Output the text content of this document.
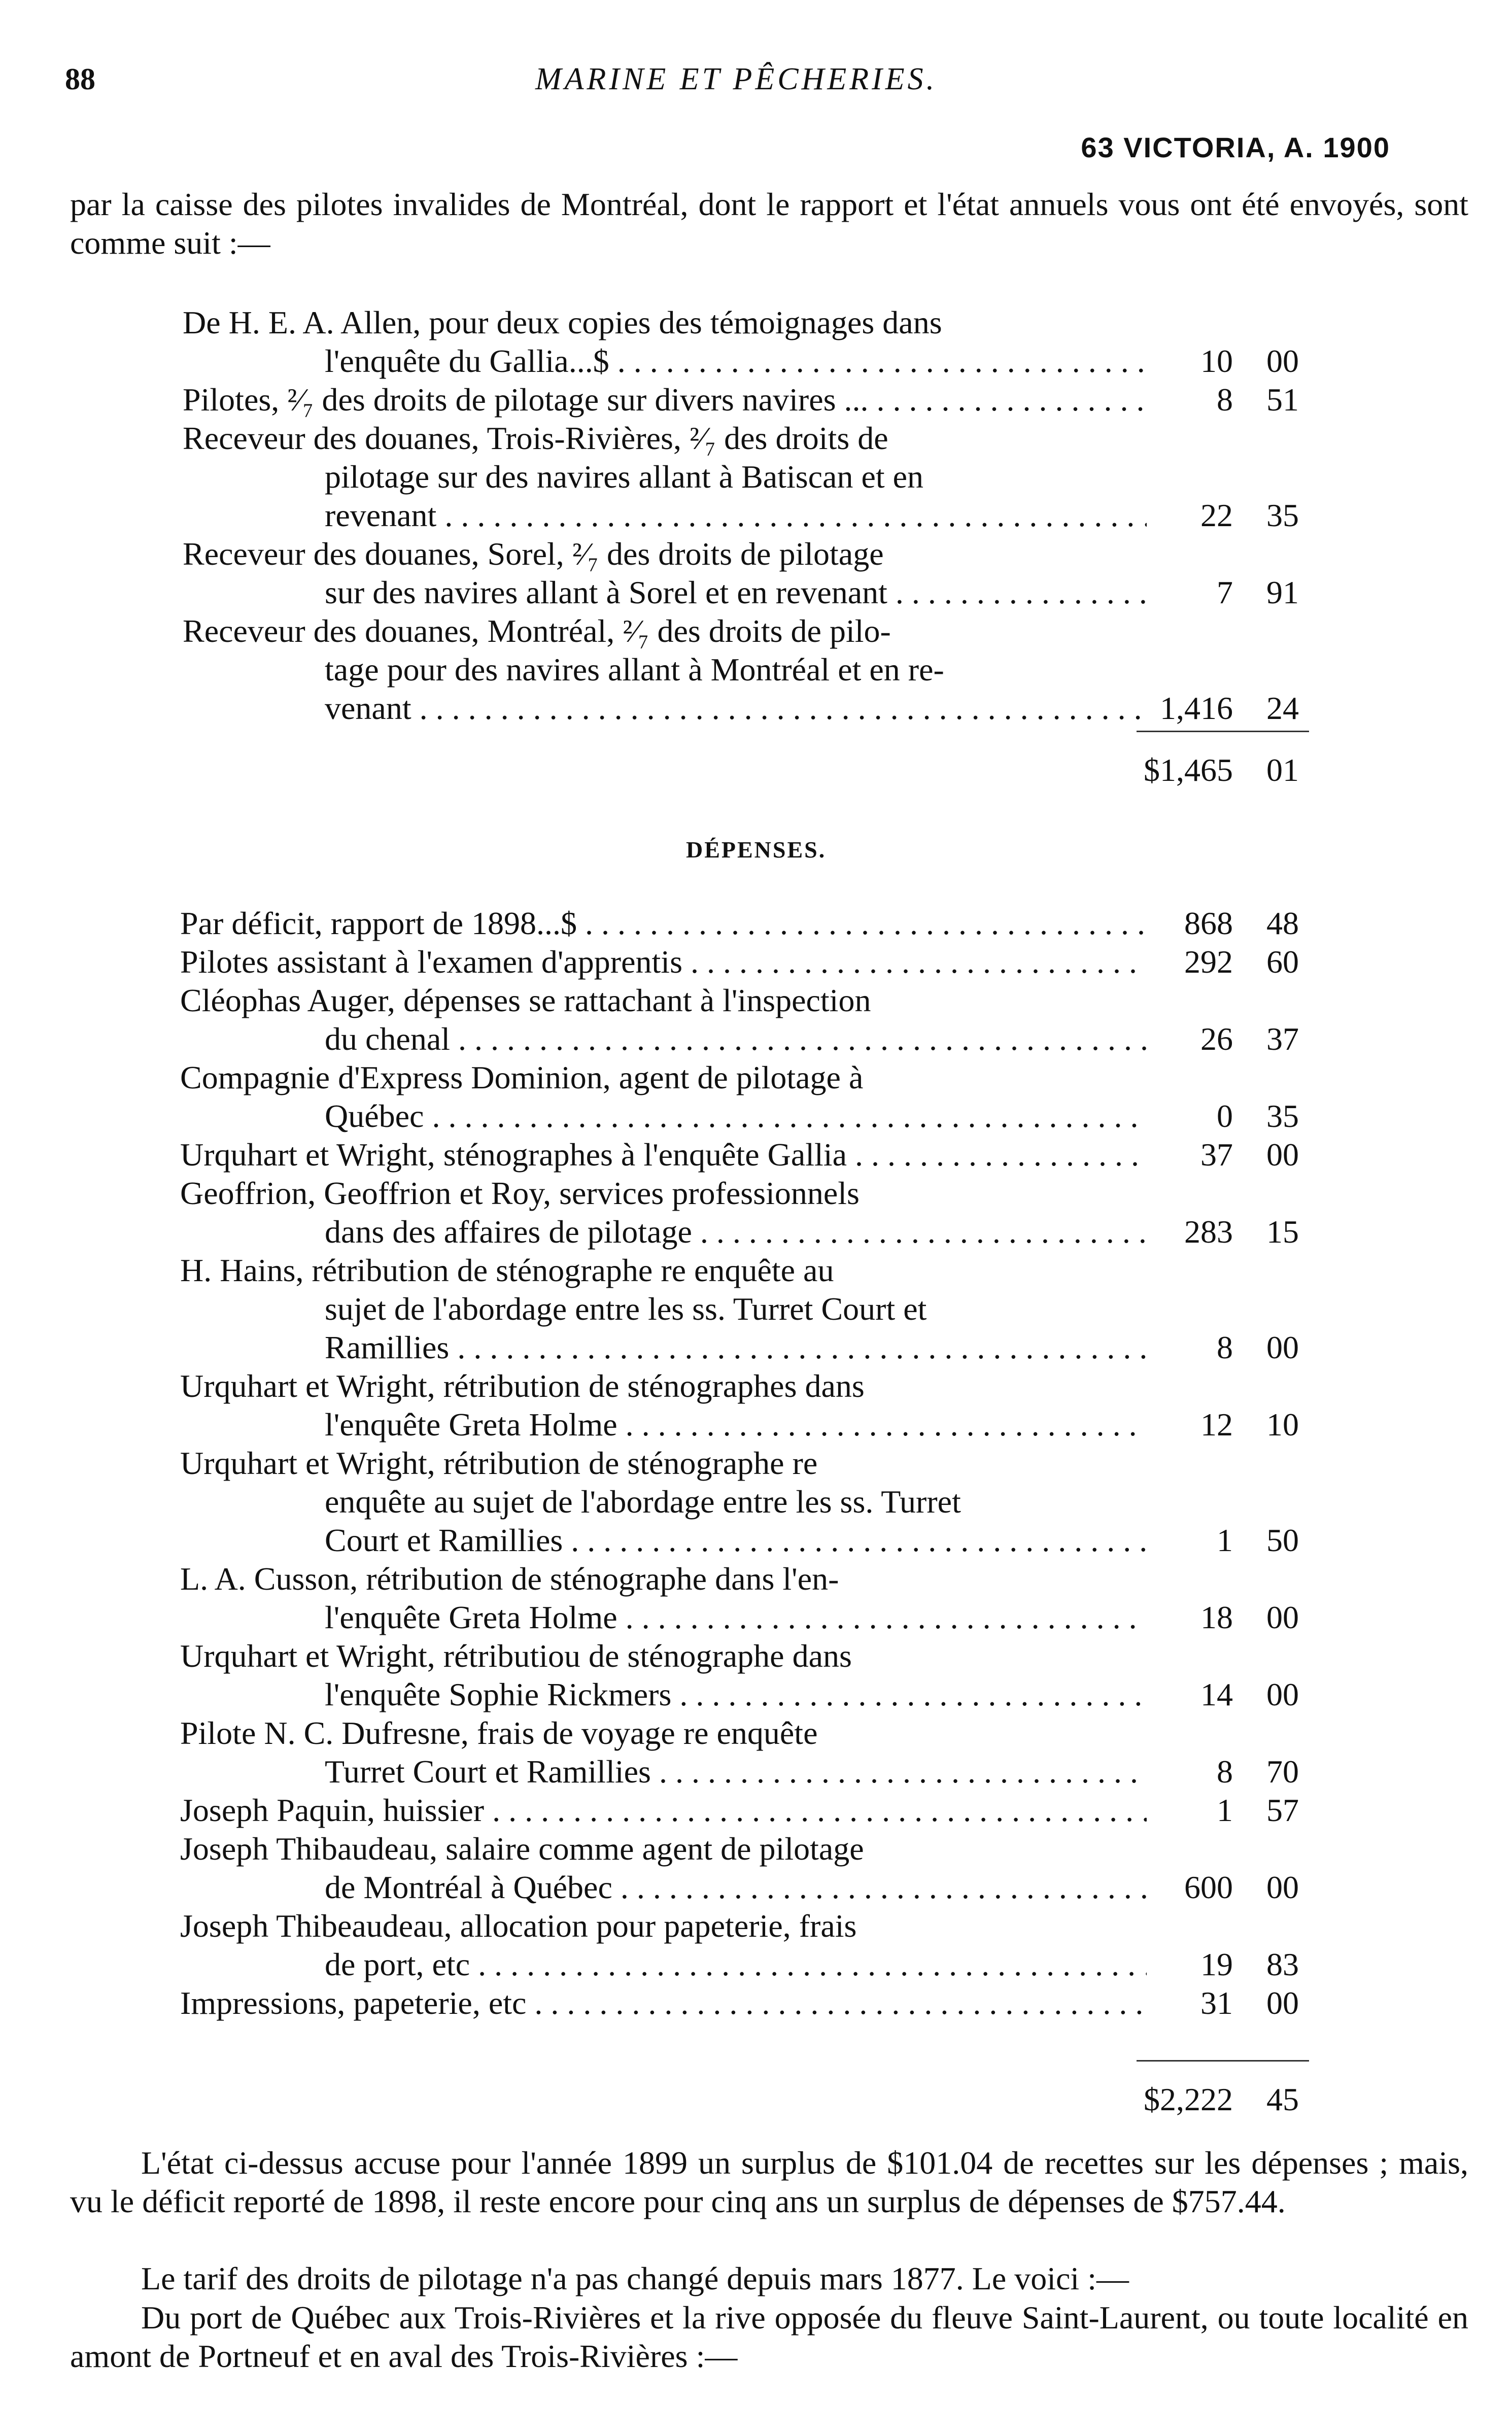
88	MARINE ET PÊCHERIES.
63 VICTORIA, A. 1900
par la caisse des pilotes invalides de Montréal, dont le rapport et l'état annuels vous ont été envoyés, sont comme suit :—
De H. E. A. Allen, pour deux copies des témoignages dans
l'enquête du Gallia...$ . . .	10 00
Pilotes, ²⁄₇ des droits de pilotage sur divers navires ... . . .	8 51
Receveur des douanes, Trois-Rivières, ²⁄₇ des droits de
pilotage sur des navires allant à Batiscan et en
revenant . . .	22 35
Receveur des douanes, Sorel, ²⁄₇ des droits de pilotage
sur des navires allant à Sorel et en revenant . . .	7 91
Receveur des douanes, Montréal, ²⁄₇ des droits de pilo-
tage pour des navires allant à Montréal et en re-
venant . . .	1,416 24
$1,465 01
DÉPENSES.
Par déficit, rapport de 1898...$ . . .	868 48
Pilotes assistant à l'examen d'apprentis . . .	292 60
Cléophas Auger, dépenses se rattachant à l'inspection
du chenal . . .	26 37
Compagnie d'Express Dominion, agent de pilotage à
Québec . . .	0 35
Urquhart et Wright, sténographes à l'enquête Gallia . . .	37 00
Geoffrion, Geoffrion et Roy, services professionnels
dans des affaires de pilotage . . .	283 15
H. Hains, rétribution de sténographe re enquête au
sujet de l'abordage entre les ss. Turret Court et
Ramillies . . .	8 00
Urquhart et Wright, rétribution de sténographes dans
l'enquête Greta Holme . . .	12 10
Urquhart et Wright, rétribution de sténographe re
enquête au sujet de l'abordage entre les ss. Turret
Court et Ramillies . . .	1 50
L. A. Cusson, rétribution de sténographe dans l'en-
l'enquête Greta Holme . . .	18 00
Urquhart et Wright, rétributiou de sténographe dans
l'enquête Sophie Rickmers . . .	14 00
Pilote N. C. Dufresne, frais de voyage re enquête
Turret Court et Ramillies . . .	8 70
Joseph Paquin, huissier . . .	1 57
Joseph Thibaudeau, salaire comme agent de pilotage
de Montréal à Québec . . .	600 00
Joseph Thibeaudeau, allocation pour papeterie, frais
de port, etc . . .	19 83
Impressions, papeterie, etc . . .	31 00
$2,222 45
L'état ci-dessus accuse pour l'année 1899 un surplus de $101.04 de recettes sur les dépenses ; mais, vu le déficit reporté de 1898, il reste encore pour cinq ans un surplus de dépenses de $757.44.
Le tarif des droits de pilotage n'a pas changé depuis mars 1877. Le voici :—
Du port de Québec aux Trois-Rivières et la rive opposée du fleuve Saint-Laurent, ou toute localité en amont de Portneuf et en aval des Trois-Rivières :—
